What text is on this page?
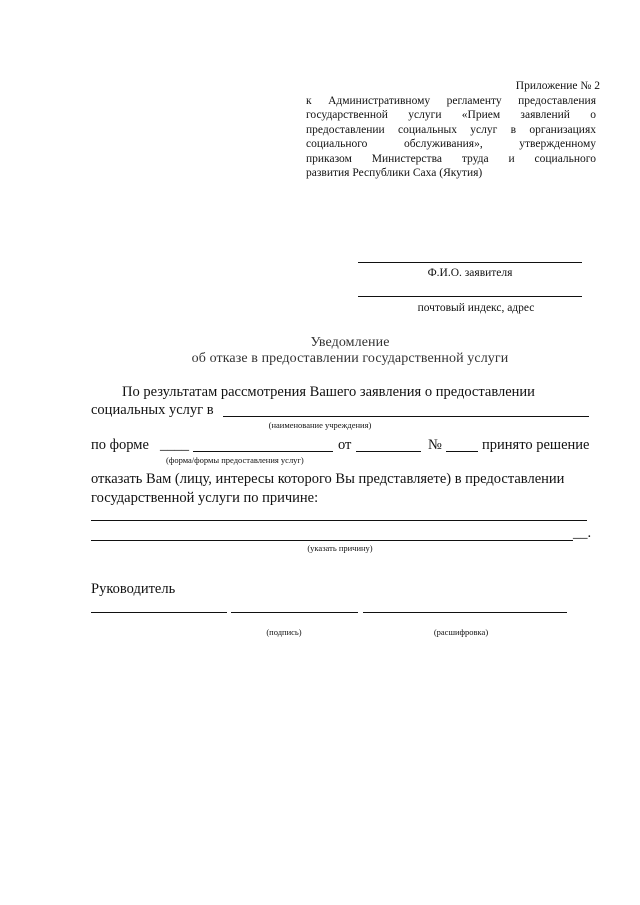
Приложение № 2
к Административному регламенту предоставления
государственной услуги «Прием заявлений о
предоставлении социальных услуг в организациях
социального обслуживания», утвержденному
приказом Министерства труда и социального
развития Республики Саха (Якутия)
Ф.И.О. заявителя
почтовый индекс, адрес
Уведомление
об отказе в предоставлении государственной услуги
По результатам рассмотрения Вашего заявления о предоставлении
социальных услуг в
(наименование учреждения)
по форме ____	от	№	принято решение
(форма/формы предоставления услуг)
отказать Вам (лицу, интересы которого Вы представляете) в предоставлении
государственной услуги по причине:
__.
(указать причину)
Руководитель
(подпись)	(расшифровка)
